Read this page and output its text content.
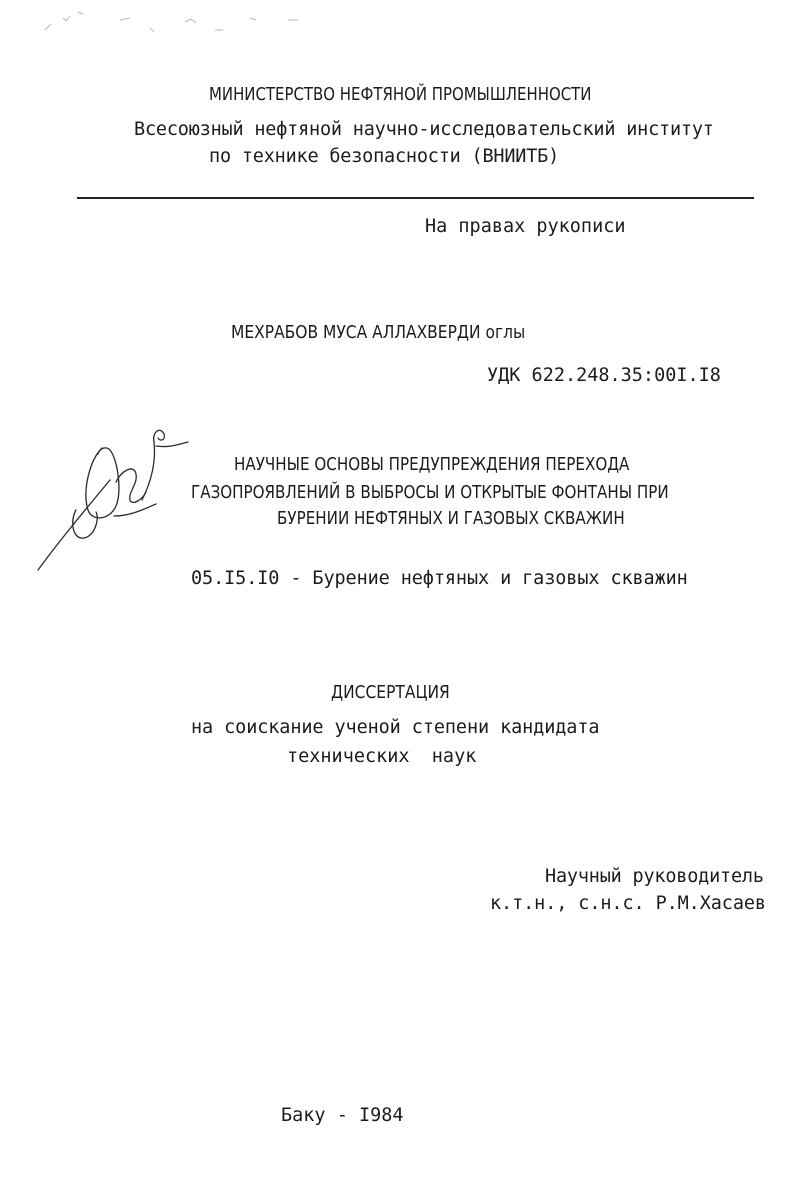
МИНИСТЕРСТВО НЕФТЯНОЙ ПРОМЫШЛЕННОСТИ
Всесоюзный нефтяной научно-исследовательский институт
по технике безопасности (ВНИИТБ)
На правах рукописи
МЕХРАБОВ МУСА АЛЛАХВЕРДИ оглы
УДК 622.248.35:00I.I8
НАУЧНЫЕ ОСНОВЫ ПРЕДУПРЕЖДЕНИЯ ПЕРЕХОДА
ГАЗОПРОЯВЛЕНИЙ В ВЫБРОСЫ И ОТКРЫТЫЕ ФОНТАНЫ ПРИ
БУРЕНИИ НЕФТЯНЫХ И ГАЗОВЫХ СКВАЖИН
05.I5.I0 - Бурение нефтяных и газовых скважин
ДИССЕРТАЦИЯ
на соискание ученой степени кандидата
технических  наук
Научный руководитель
к.т.н., с.н.с. Р.М.Хасаев
Баку - I984
